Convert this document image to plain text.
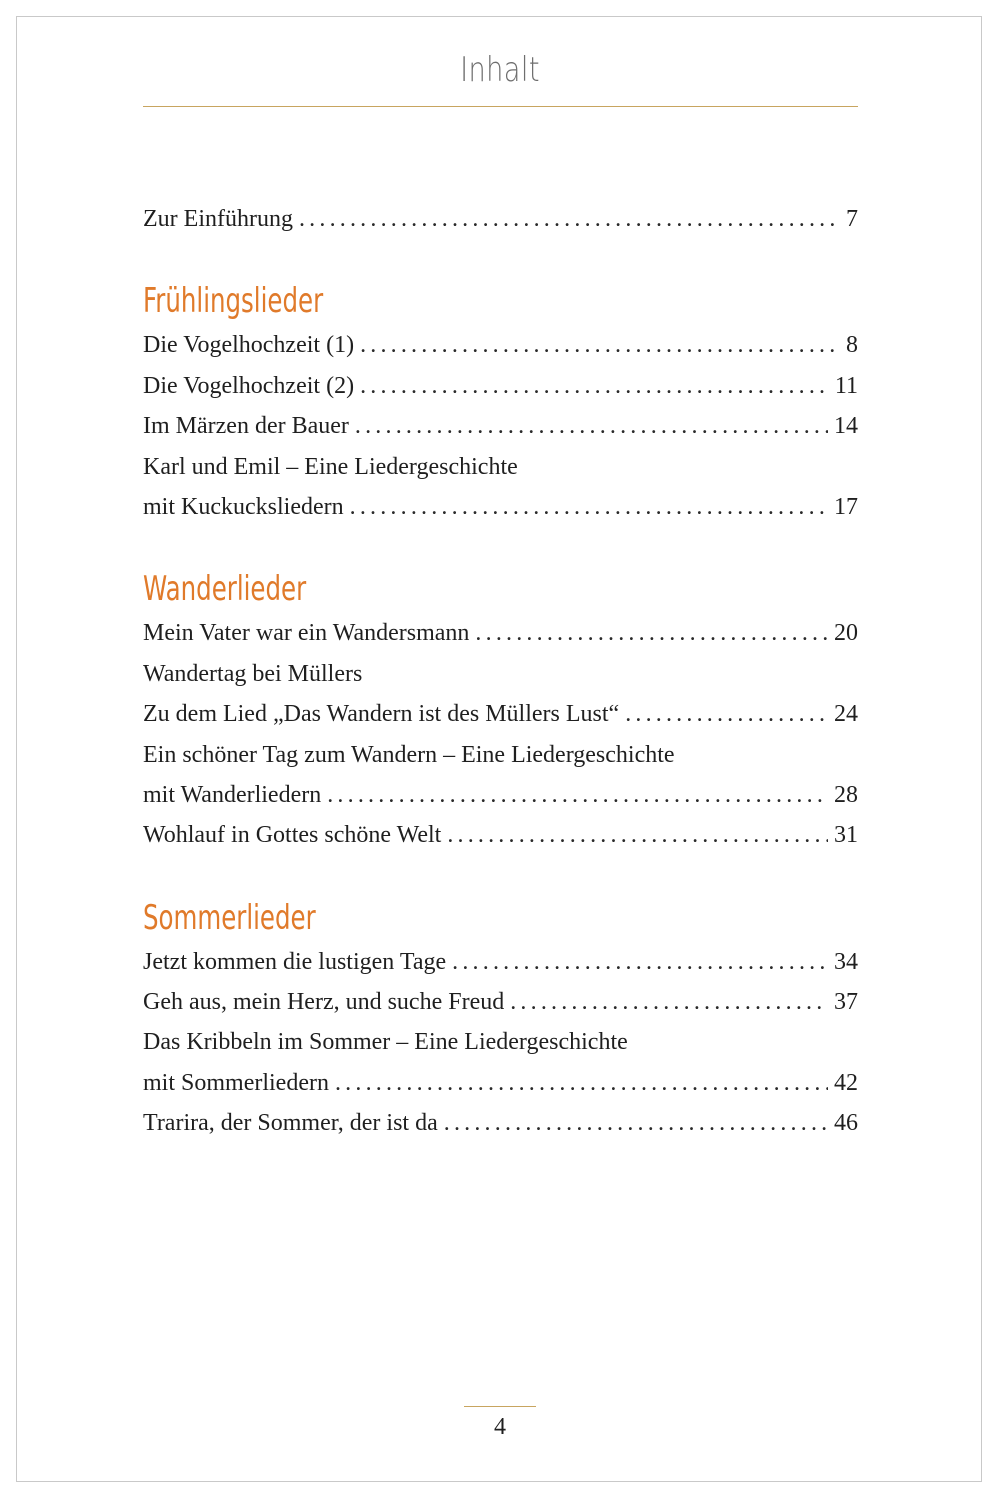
Inhalt
Zur Einführung .....	7
Frühlingslieder
Die Vogelhochzeit (1) .....	8
Die Vogelhochzeit (2) .....	11
Im Märzen der Bauer .....	14
Karl und Emil – Eine Liedergeschichte
mit Kuckucksliedern .....	17
Wanderlieder
Mein Vater war ein Wandersmann .....	20
Wandertag bei Müllers
Zu dem Lied „Das Wandern ist des Müllers Lust“ .....	24
Ein schöner Tag zum Wandern – Eine Liedergeschichte
mit Wanderliedern .....	28
Wohlauf in Gottes schöne Welt .....	31
Sommerlieder
Jetzt kommen die lustigen Tage .....	34
Geh aus, mein Herz, und suche Freud .....	37
Das Kribbeln im Sommer – Eine Liedergeschichte
mit Sommerliedern .....	42
Trarira, der Sommer, der ist da .....	46
4
